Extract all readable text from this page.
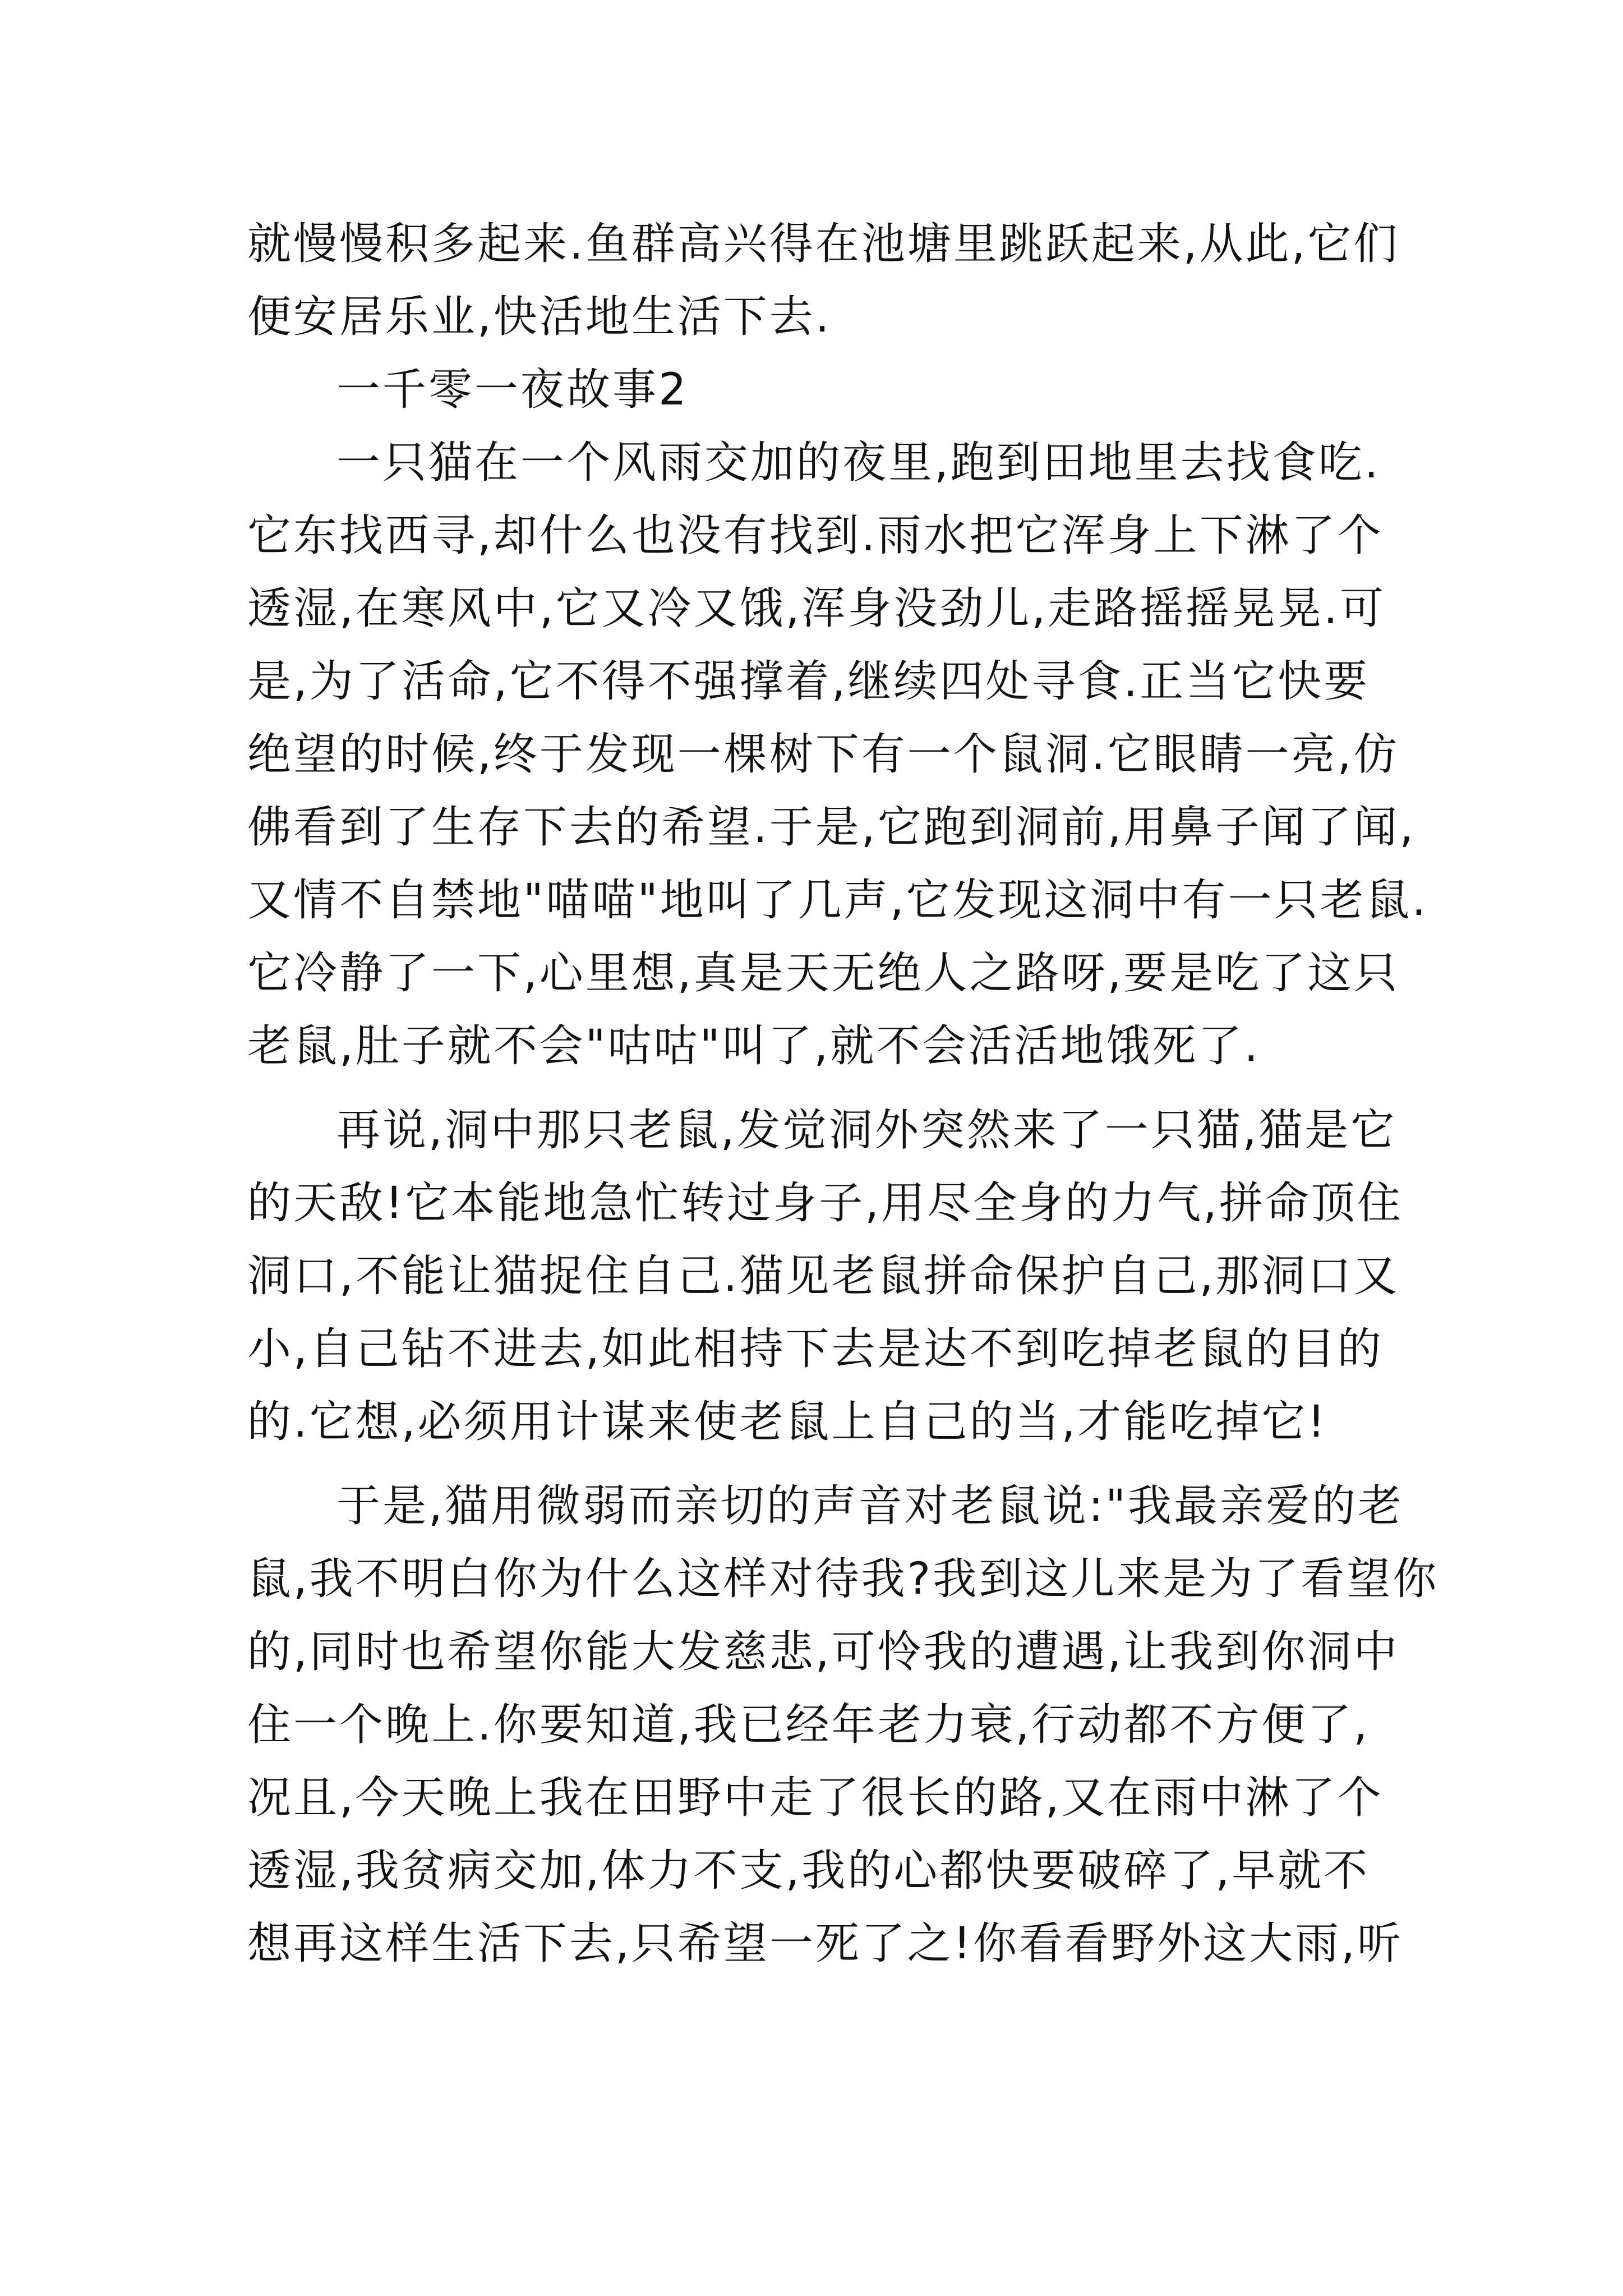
就慢慢积多起来.鱼群高兴得在池塘里跳跃起来,从此,它们
便安居乐业,快活地生活下去.
一千零一夜故事2
一只猫在一个风雨交加的夜里,跑到田地里去找食吃.
它东找西寻,却什么也没有找到.雨水把它浑身上下淋了个
透湿,在寒风中,它又冷又饿,浑身没劲儿,走路摇摇晃晃.可
是,为了活命,它不得不强撑着,继续四处寻食.正当它快要
绝望的时候,终于发现一棵树下有一个鼠洞.它眼睛一亮,仿
佛看到了生存下去的希望.于是,它跑到洞前,用鼻子闻了闻,
又情不自禁地"喵喵"地叫了几声,它发现这洞中有一只老鼠.
它冷静了一下,心里想,真是天无绝人之路呀,要是吃了这只
老鼠,肚子就不会"咕咕"叫了,就不会活活地饿死了.
再说,洞中那只老鼠,发觉洞外突然来了一只猫,猫是它
的天敌!它本能地急忙转过身子,用尽全身的力气,拼命顶住
洞口,不能让猫捉住自己.猫见老鼠拼命保护自己,那洞口又
小,自己钻不进去,如此相持下去是达不到吃掉老鼠的目的
的.它想,必须用计谋来使老鼠上自己的当,才能吃掉它!
于是,猫用微弱而亲切的声音对老鼠说:"我最亲爱的老
鼠,我不明白你为什么这样对待我?我到这儿来是为了看望你
的,同时也希望你能大发慈悲,可怜我的遭遇,让我到你洞中
住一个晚上.你要知道,我已经年老力衰,行动都不方便了,
况且,今天晚上我在田野中走了很长的路,又在雨中淋了个
透湿,我贫病交加,体力不支,我的心都快要破碎了,早就不
想再这样生活下去,只希望一死了之!你看看野外这大雨,听
